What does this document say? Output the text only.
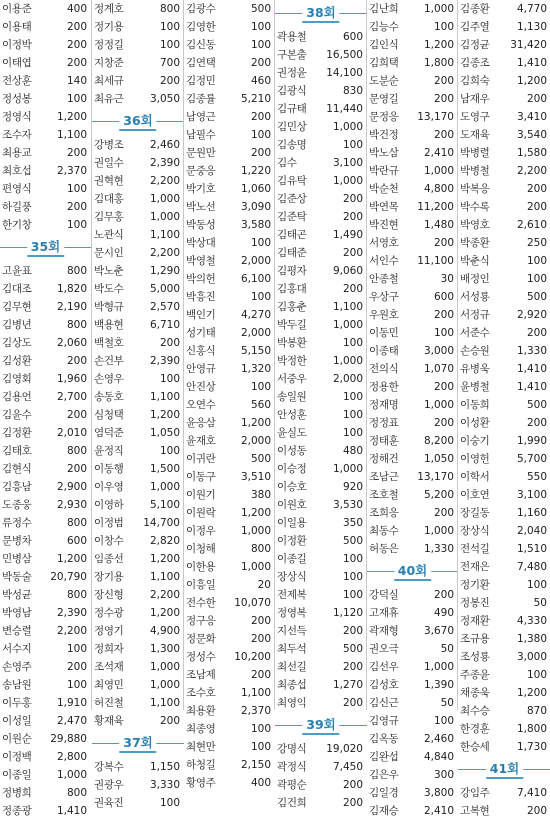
이용준	400
이용태	200
이정박	200
이태엽	200
전상훈	140
정성봉	100
정영식 1,200
조수자 1,100
최용교	200
최호섭 2,370
편영식	100
하길풍	200
한기창	100
35회
고윤표	800
김대조 1,820
김무현 2,190
김병년	800
김상도 2,060
김성환	200
김영회 1,960
김용언 2,700
김윤수	200
김정환 2,010
김태호	800
김현식	200
김흥남 2,900
도종웅 2,930
류정수	800
문병차	600
민병삼 1,200
박동술 20,790
박성균	800
박영남 2,390
변승렬 2,200
서수지	100
손영주	200
송남원	100
이두홍 1,910
이성일 2,470
이원순 29,880
이정백 2,800
이종일 1,000
정병희	800
정종광 1,410
정계호	800
정기용	100
정정길	100
지창준	700
최세규	200
최유근	3,050
36회
강병조	2,460
권일수	2,390
권혁현	2,200
김대홍	1,000
김무홍	1,000
노관식	1,100
문시인	2,200
박노춘	1,290
박도수	5,000
박형규	2,570
백용현	6,710
백철호	200
손건부	2,390
손영우	100
송동호	1,100
심청택	1,200
염덕준	1,050
윤정직	100
이동행	1,500
이우영	1,000
이영하	5,100
이정범 14,700
이창수	2,820
임종선	1,200
장기용	1,100
장신형	2,200
정수광	1,200
정영기	4,900
정희자	1,300
조석재	1,000
최영민	1,000
허진철	1,100
황재육	200
37회
강복수	1,150
권광우	3,330
권육진	100
김광수	500
김영한	100
김신동	100
김연택	200
김정민	460
김종률 5,210
남영근	200
남필수	100
문원만	200
문중응 1,220
박기호 1,060
박노선 3,090
박동성 3,580
박상대	100
박영철 2,000
박의헌 6,100
박흥진	100
백인기 4,270
성기태 2,000
신홍식 5,150
안영규 1,320
안진상	100
오연수	560
윤응삼 1,200
윤재호 2,000
이귀란	500
이동구 3,510
이원기	380
이원락 1,200
이정우 1,000
이청해	800
이한용 1,000
이흥일	20
전수한 10,070
정구응	200
정문화	200
정성수 10,200
조남제	200
조수호 1,100
최용환 2,370
최종영	100
최현만	100
하청길 2,150
황영주	400
38회
곽용철	600
구본출 16,500
권정윤 14,100
김광식	830
김규태 11,440
김민상	1,000
김송명	100
김수	3,100
김유탁	1,000
김준상	200
김준탁	200
김태곤	1,490
김태준	200
김평자	9,060
김홍대	200
김홍춘	1,100
박두길	1,000
박봉환	100
박정한	1,000
서중우	2,000
송일원	100
안성훈	100
윤실도	100
이성동	480
이승정	1,000
이승호	920
이원호	3,530
이일용	350
이정환	500
이종길	100
장상식	100
전제복	100
정영복	1,120
지선득	200
최두석	500
최선길	200
최종섭	1,270
최영익	200
39회
강명식 19,020
곽정식	7,450
곽평순	200
김건희	200
김난희 1,000
김능수	100
김인식 1,200
김희택 1,800
도분순	200
문영길	200
문정응 13,170
박건정	200
박노삼 2,410
박란규 1,000
박순천 4,800
박연목 11,200
박진현 1,480
서영호	200
서인수 11,100
안종철	30
우상구	600
우원호	200
이동민	100
이종태 3,000
전의식 1,070
정용한	200
정재명 1,000
정정표	200
정태훈 8,200
정해건 1,050
조남근 13,170
조호철 5,200
조희응	200
최동수 1,000
허동은 1,330
40회
강덕실	200
고재휴	490
곽재형 3,670
권오극	50
김선우 1,000
김성호 1,390
김신근	50
김영규	100
김옥동 2,460
김완섭 4,840
김은우	300
김일경 3,800
김재승 2,410
김종환	4,770
김주열	1,130
김정균 31,420
김종조	1,410
김희숙	1,200
남재우	200
도영구	3,410
도재육	3,540
박병렬	1,580
박병철	2,200
박복응	200
박수록	200
박영호	2,610
박종환	250
박춘식	100
배정인	100
서성룡	500
서정규	2,920
서준수	200
손승원	1,330
유병욱	1,410
윤병철	1,410
이동희	500
이성환	200
이숭기	1,990
이영헌	5,700
이학서	550
이호연	3,100
장길동	1,160
장상식	2,040
전석길	1,510
전재은	7,480
정기환	100
정봉진	50
정재환	4,330
조규용	1,380
조성룡	3,000
주종윤	100
채종욱	1,200
최수승	870
한경훈	1,800
한승세	1,730
41회
강임주	7,410
고복현	200
